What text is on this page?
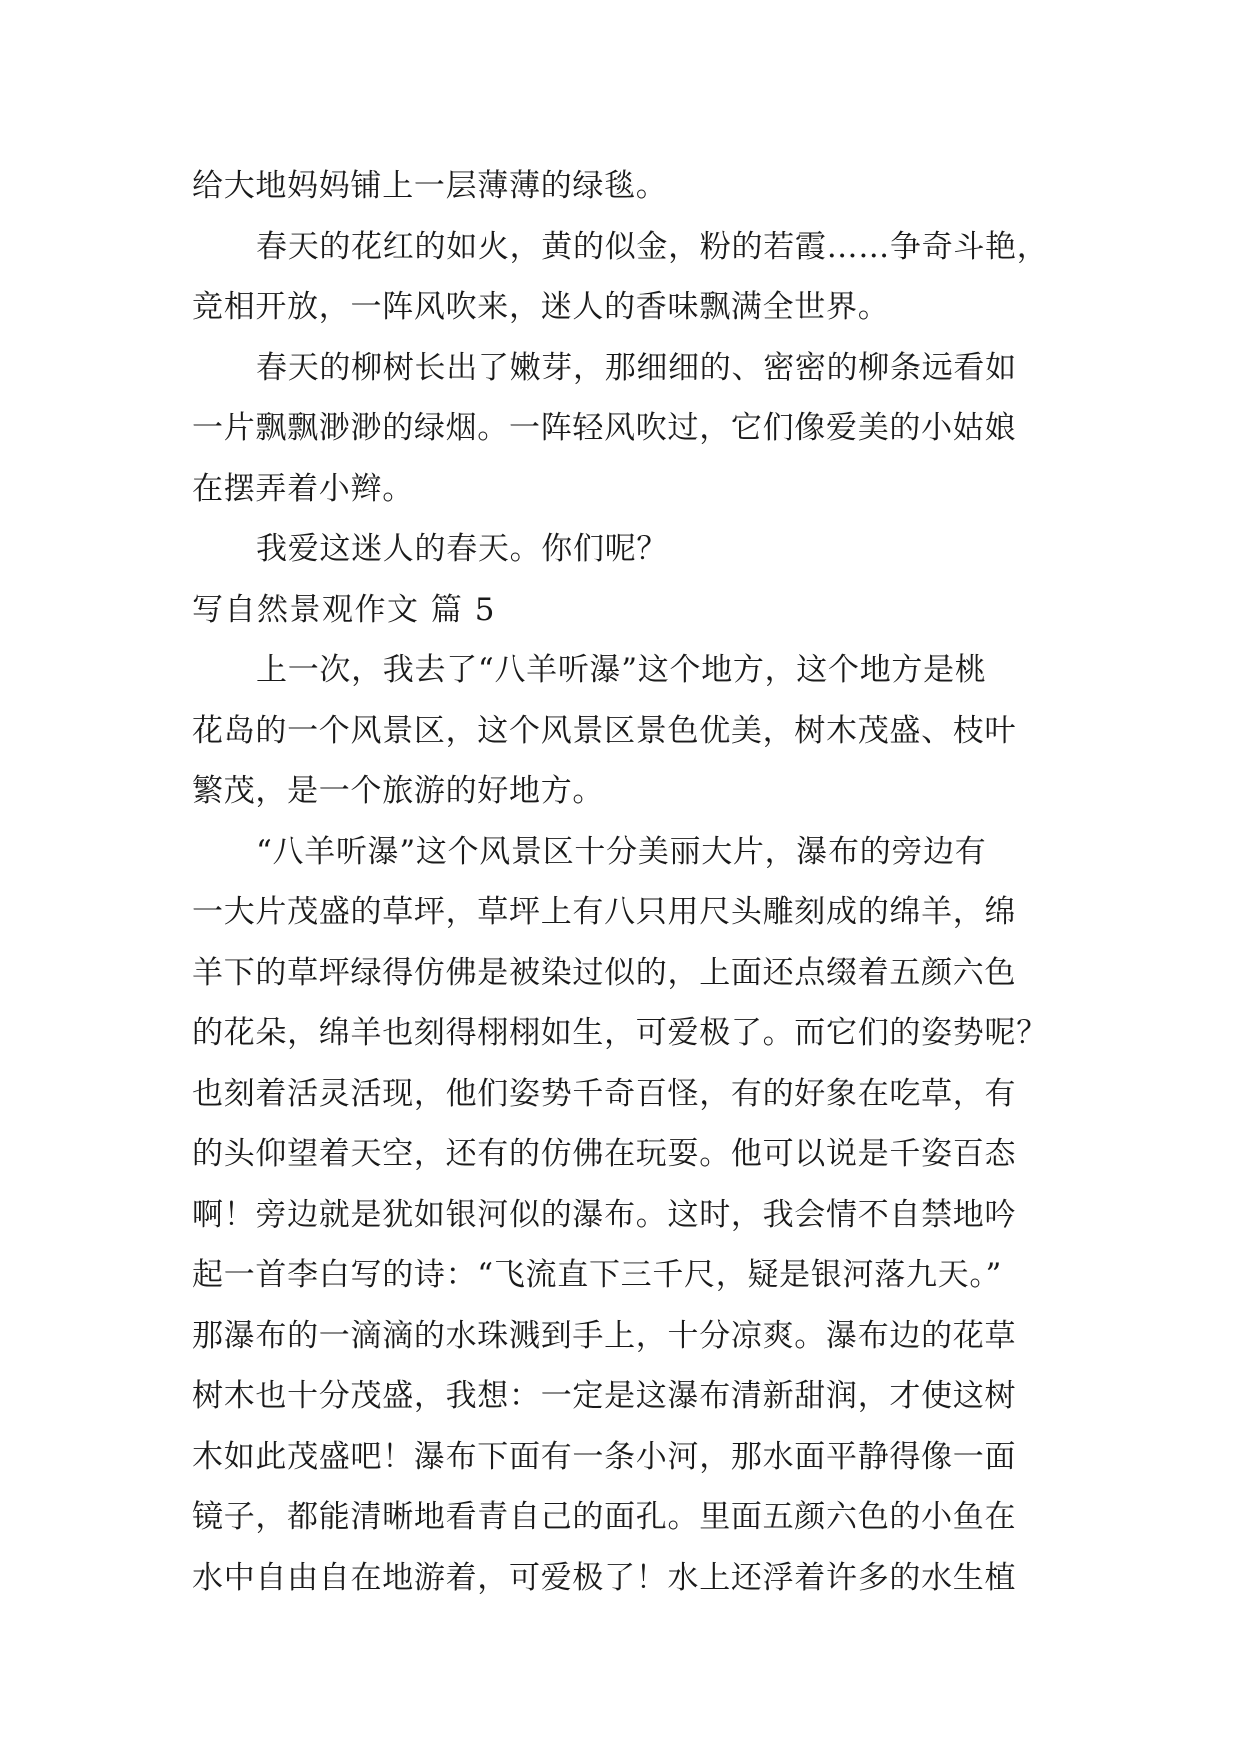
给大地妈妈铺上一层薄薄的绿毯。
春天的花红的如火，黄的似金，粉的若霞……争奇斗艳，
竞相开放，一阵风吹来，迷人的香味飘满全世界。
春天的柳树长出了嫩芽，那细细的、密密的柳条远看如
一片飘飘渺渺的绿烟。一阵轻风吹过，它们像爱美的小姑娘
在摆弄着小辫。
我爱这迷人的春天。你们呢？
写自然景观作文 篇 5
上一次，我去了“八羊听瀑”这个地方，这个地方是桃
花岛的一个风景区，这个风景区景色优美，树木茂盛、枝叶
繁茂，是一个旅游的好地方。
“八羊听瀑”这个风景区十分美丽大片，瀑布的旁边有
一大片茂盛的草坪，草坪上有八只用尺头雕刻成的绵羊，绵
羊下的草坪绿得仿佛是被染过似的，上面还点缀着五颜六色
的花朵，绵羊也刻得栩栩如生，可爱极了。而它们的姿势呢？
也刻着活灵活现，他们姿势千奇百怪，有的好象在吃草，有
的头仰望着天空，还有的仿佛在玩耍。他可以说是千姿百态
啊！旁边就是犹如银河似的瀑布。这时，我会情不自禁地吟
起一首李白写的诗：“飞流直下三千尺，疑是银河落九天。”
那瀑布的一滴滴的水珠溅到手上，十分凉爽。瀑布边的花草
树木也十分茂盛，我想：一定是这瀑布清新甜润，才使这树
木如此茂盛吧！瀑布下面有一条小河，那水面平静得像一面
镜子，都能清晰地看青自己的面孔。里面五颜六色的小鱼在
水中自由自在地游着，可爱极了！水上还浮着许多的水生植
